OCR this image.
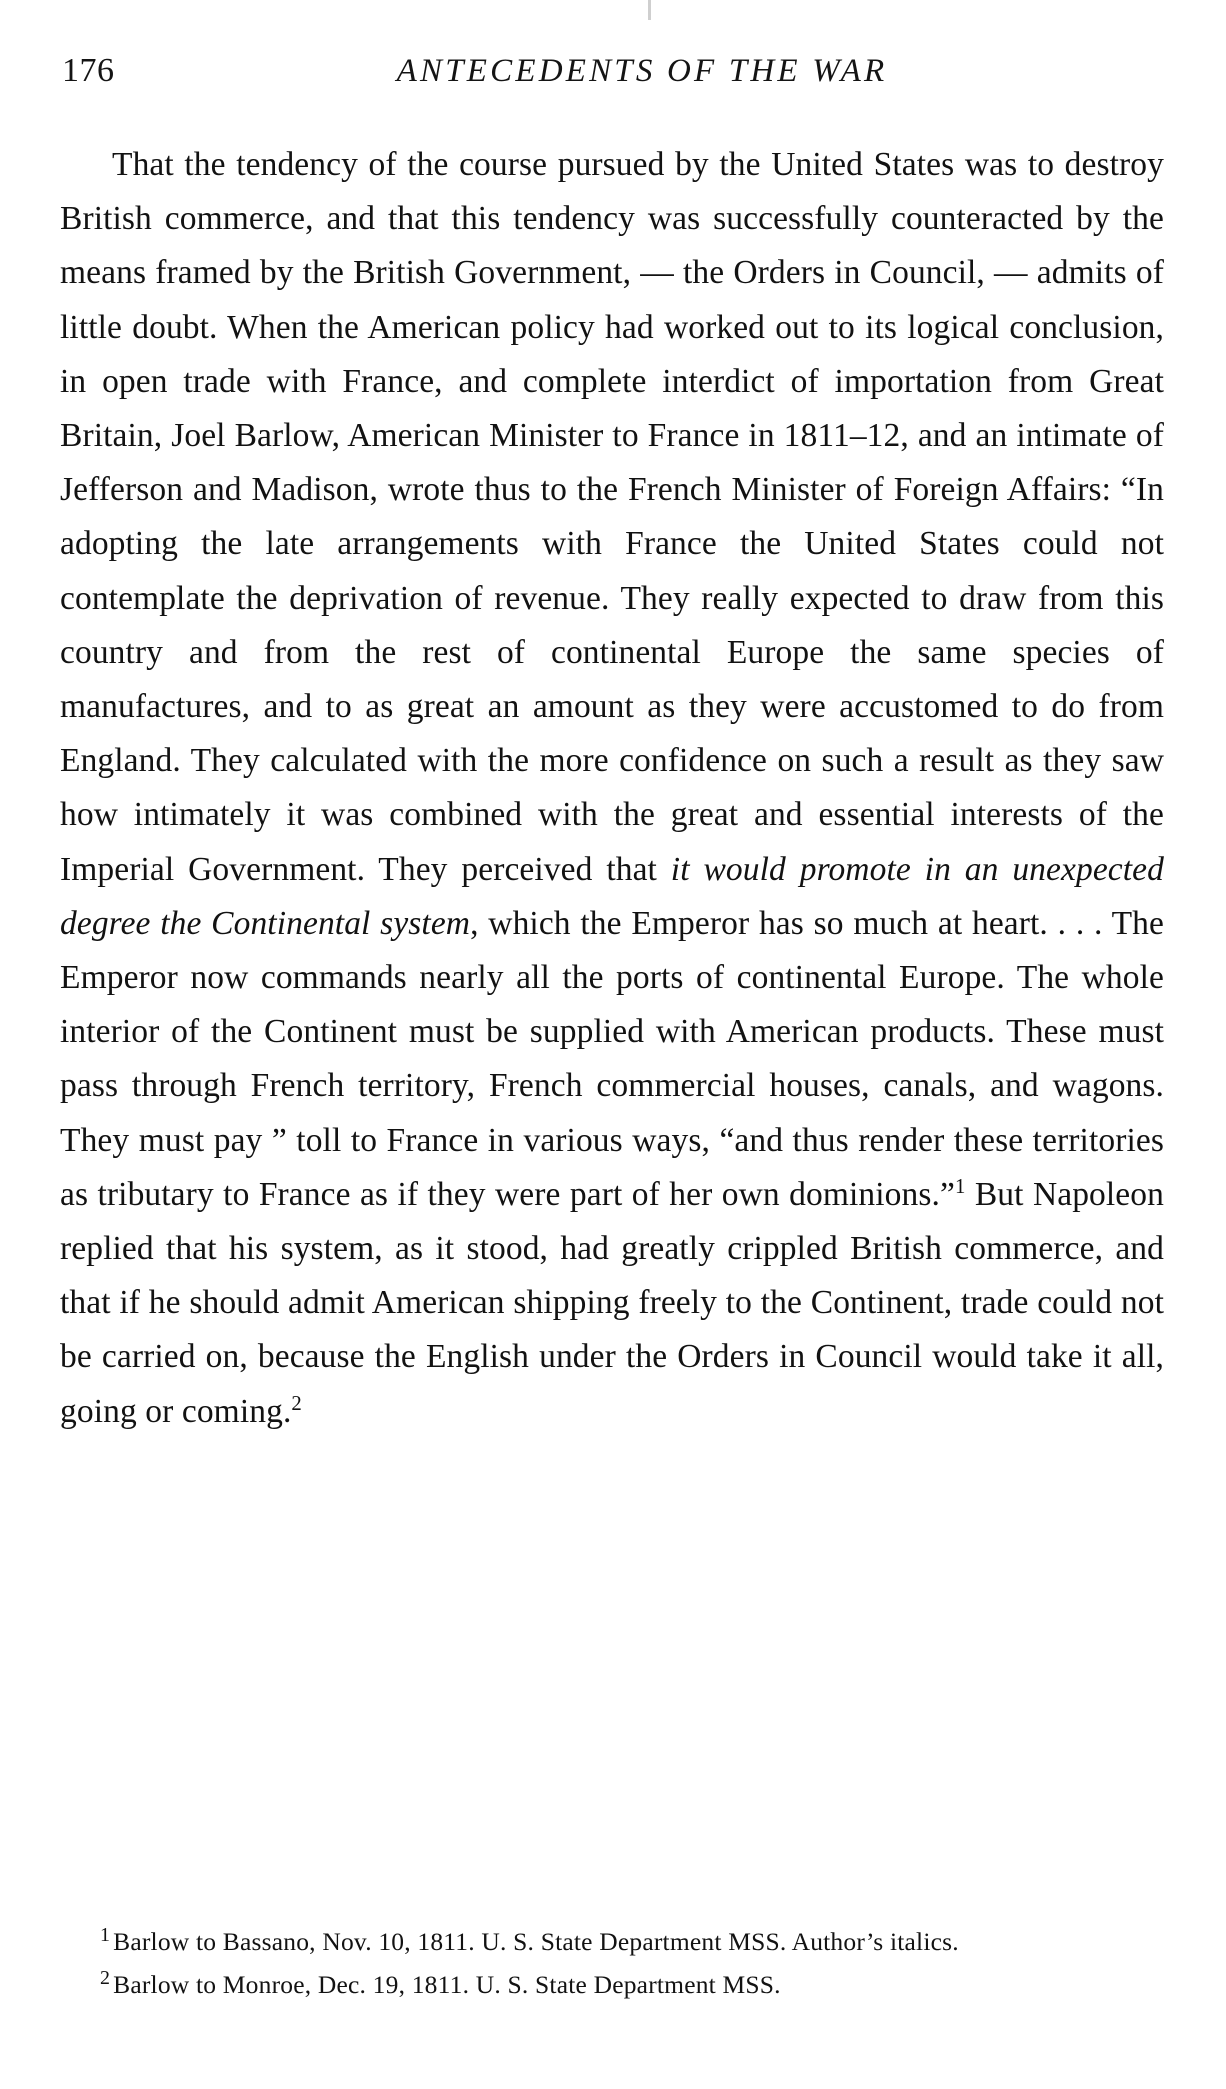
176	ANTECEDENTS OF THE WAR

That the tendency of the course pursued by the United States was to destroy British commerce, and that this tendency was successfully counteracted by the means framed by the British Government, — the Orders in Council, — admits of little doubt. When the American policy had worked out to its logical conclusion, in open trade with France, and complete interdict of importation from Great Britain, Joel Barlow, American Minister to France in 1811–12, and an intimate of Jefferson and Madison, wrote thus to the French Minister of Foreign Affairs: “In adopting the late arrangements with France the United States could not contemplate the deprivation of revenue. They really expected to draw from this country and from the rest of continental Europe the same species of manufactures, and to as great an amount as they were accustomed to do from England. They calculated with the more confidence on such a result as they saw how intimately it was combined with the great and essential interests of the Imperial Government. They perceived that it would promote in an unexpected degree the Continental system, which the Emperor has so much at heart. . . . The Emperor now commands nearly all the ports of continental Europe. The whole interior of the Continent must be supplied with American products. These must pass through French territory, French commercial houses, canals, and wagons. They must pay ” toll to France in various ways, “and thus render these territories as tributary to France as if they were part of her own dominions.”$^1$ But Napoleon replied that his system, as it stood, had greatly crippled British commerce, and that if he should admit American shipping freely to the Continent, trade could not be carried on, because the English under the Orders in Council would take it all, going or coming.$^2$

$^1$ Barlow to Bassano, Nov. 10, 1811. U. S. State Department MSS. Author’s italics.

$^2$ Barlow to Monroe, Dec. 19, 1811. U. S. State Department MSS.
